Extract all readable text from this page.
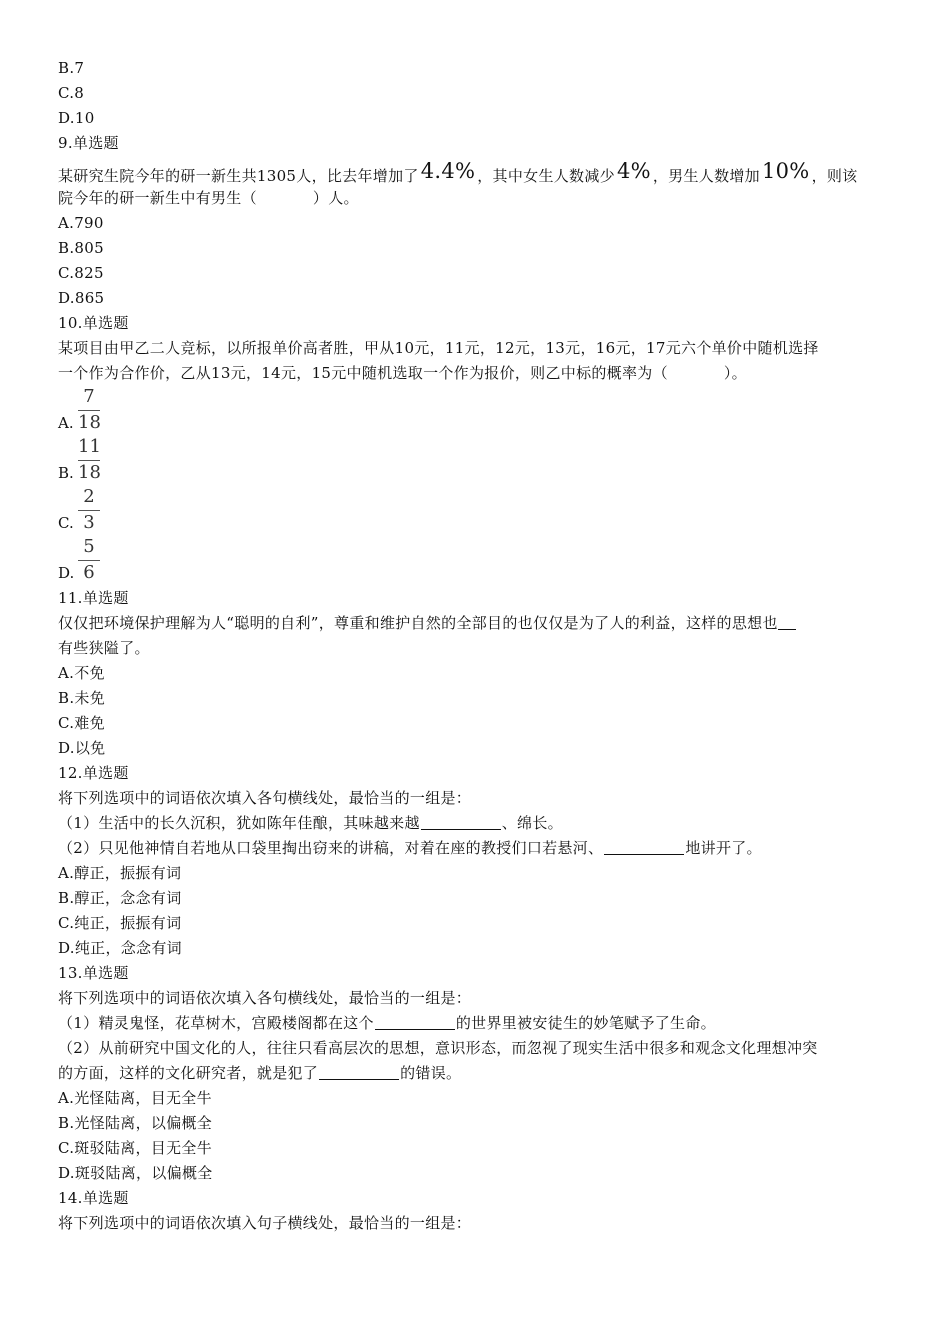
B.7
C.8
D.10
9.单选题
某研究生院今年的研一新生共1305人，比去年增加了4.4% ，其中女生人数减少4% ，男生人数增加10% ，则该
院今年的研一新生中有男生（	）人。
A.790
B.805
C.825
D.865
10.单选题
某项目由甲乙二人竞标，以所报单价高者胜，甲从10元，11元，12元，13元，16元，17元六个单价中随机选择
一个作为合作价，乙从13元，14元，15元中随机选取一个作为报价，则乙中标的概率为（	）。
A.
7
18
B.
11
18
C.
2
3
D.
5
6
11.单选题
仅仅把环境保护理解为人“聪明的自利”，尊重和维护自然的全部目的也仅仅是为了人的利益，这样的思想也
有些狭隘了。
A.不免
B.未免
C.难免
D.以免
12.单选题
将下列选项中的词语依次填入各句横线处，最恰当的一组是：
（1）生活中的长久沉积，犹如陈年佳酿，其味越来越	、绵长。
（2）只见他神情自若地从口袋里掏出窃来的讲稿，对着在座的教授们口若悬河、	地讲开了。
A.醇正，振振有词
B.醇正，念念有词
C.纯正，振振有词
D.纯正，念念有词
13.单选题
将下列选项中的词语依次填入各句横线处，最恰当的一组是：
（1）精灵鬼怪，花草树木，宫殿楼阁都在这个	的世界里被安徒生的妙笔赋予了生命。
（2）从前研究中国文化的人，往往只看高层次的思想，意识形态，而忽视了现实生活中很多和观念文化理想冲突
的方面，这样的文化研究者，就是犯了	的错误。
A.光怪陆离，目无全牛
B.光怪陆离，以偏概全
C.斑驳陆离，目无全牛
D.斑驳陆离，以偏概全
14.单选题
将下列选项中的词语依次填入句子横线处，最恰当的一组是：
